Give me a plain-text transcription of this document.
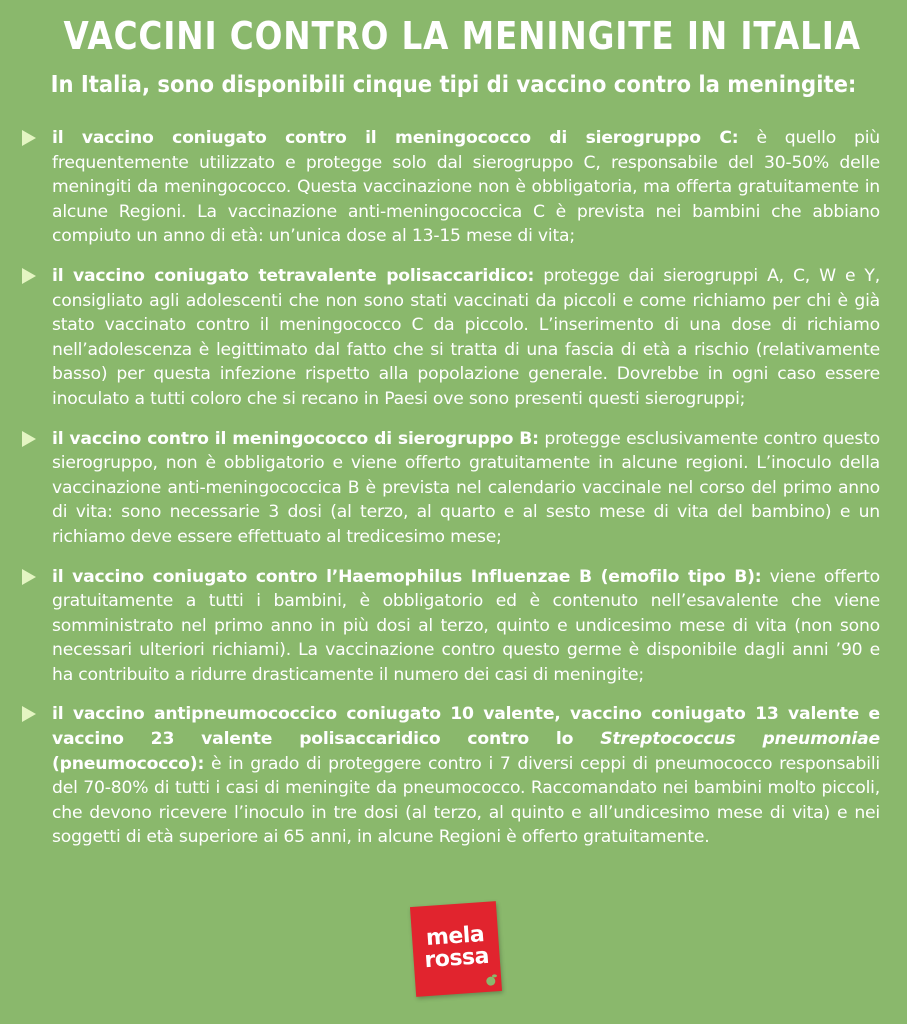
VACCINI CONTRO LA MENINGITE IN ITALIA
In Italia, sono disponibili cinque tipi di vaccino contro la meningite:
il vaccino coniugato contro il meningococco di sierogruppo C: è quello più frequentemente utilizzato e protegge solo dal sierogruppo C, responsabile del 30-50% delle meningiti da meningococco. Questa vaccinazione non è obbligatoria, ma offerta gratuitamente in alcune Regioni. La vaccinazione anti-meningococcica C è prevista nei bambini che abbiano compiuto un anno di età: un’unica dose al 13-15 mese di vita;
il vaccino coniugato tetravalente polisaccaridico: protegge dai sierogruppi A, C, W e Y, consigliato agli adolescenti che non sono stati vaccinati da piccoli e come richiamo per chi è già stato vaccinato contro il meningococco C da piccolo. L’inserimento di una dose di richiamo nell’adolescenza è legittimato dal fatto che si tratta di una fascia di età a rischio (relativamente basso) per questa infezione rispetto alla popolazione generale. Dovrebbe in ogni caso essere inoculato a tutti coloro che si recano in Paesi ove sono presenti questi sierogruppi;
il vaccino contro il meningococco di sierogruppo B: protegge esclusivamente contro questo sierogruppo, non è obbligatorio e viene offerto gratuitamente in alcune regioni. L’inoculo della vaccinazione anti-meningococcica B è prevista nel calendario vaccinale nel corso del primo anno di vita: sono necessarie 3 dosi (al terzo, al quarto e al sesto mese di vita del bambino) e un richiamo deve essere effettuato al tredicesimo mese;
il vaccino coniugato contro l’Haemophilus Influenzae B (emofilo tipo B): viene offerto gratuitamente a tutti i bambini, è obbligatorio ed è contenuto nell’esavalente che viene somministrato nel primo anno in più dosi al terzo, quinto e undicesimo mese di vita (non sono necessari ulteriori richiami). La vaccinazione contro questo germe è disponibile dagli anni ’90 e ha contribuito a ridurre drasticamente il numero dei casi di meningite;
il vaccino antipneumococcico coniugato 10 valente, vaccino coniugato 13 valente e vaccino 23 valente polisaccaridico contro lo Streptococcus pneumoniae (pneumococco): è in grado di proteggere contro i 7 diversi ceppi di pneumococco responsabili del 70-80% di tutti i casi di meningite da pneumococco. Raccomandato nei bambini molto piccoli, che devono ricevere l’inoculo in tre dosi (al terzo, al quinto e all’undicesimo mese di vita) e nei soggetti di età superiore ai 65 anni, in alcune Regioni è offerto gratuitamente.
mela
rossa
